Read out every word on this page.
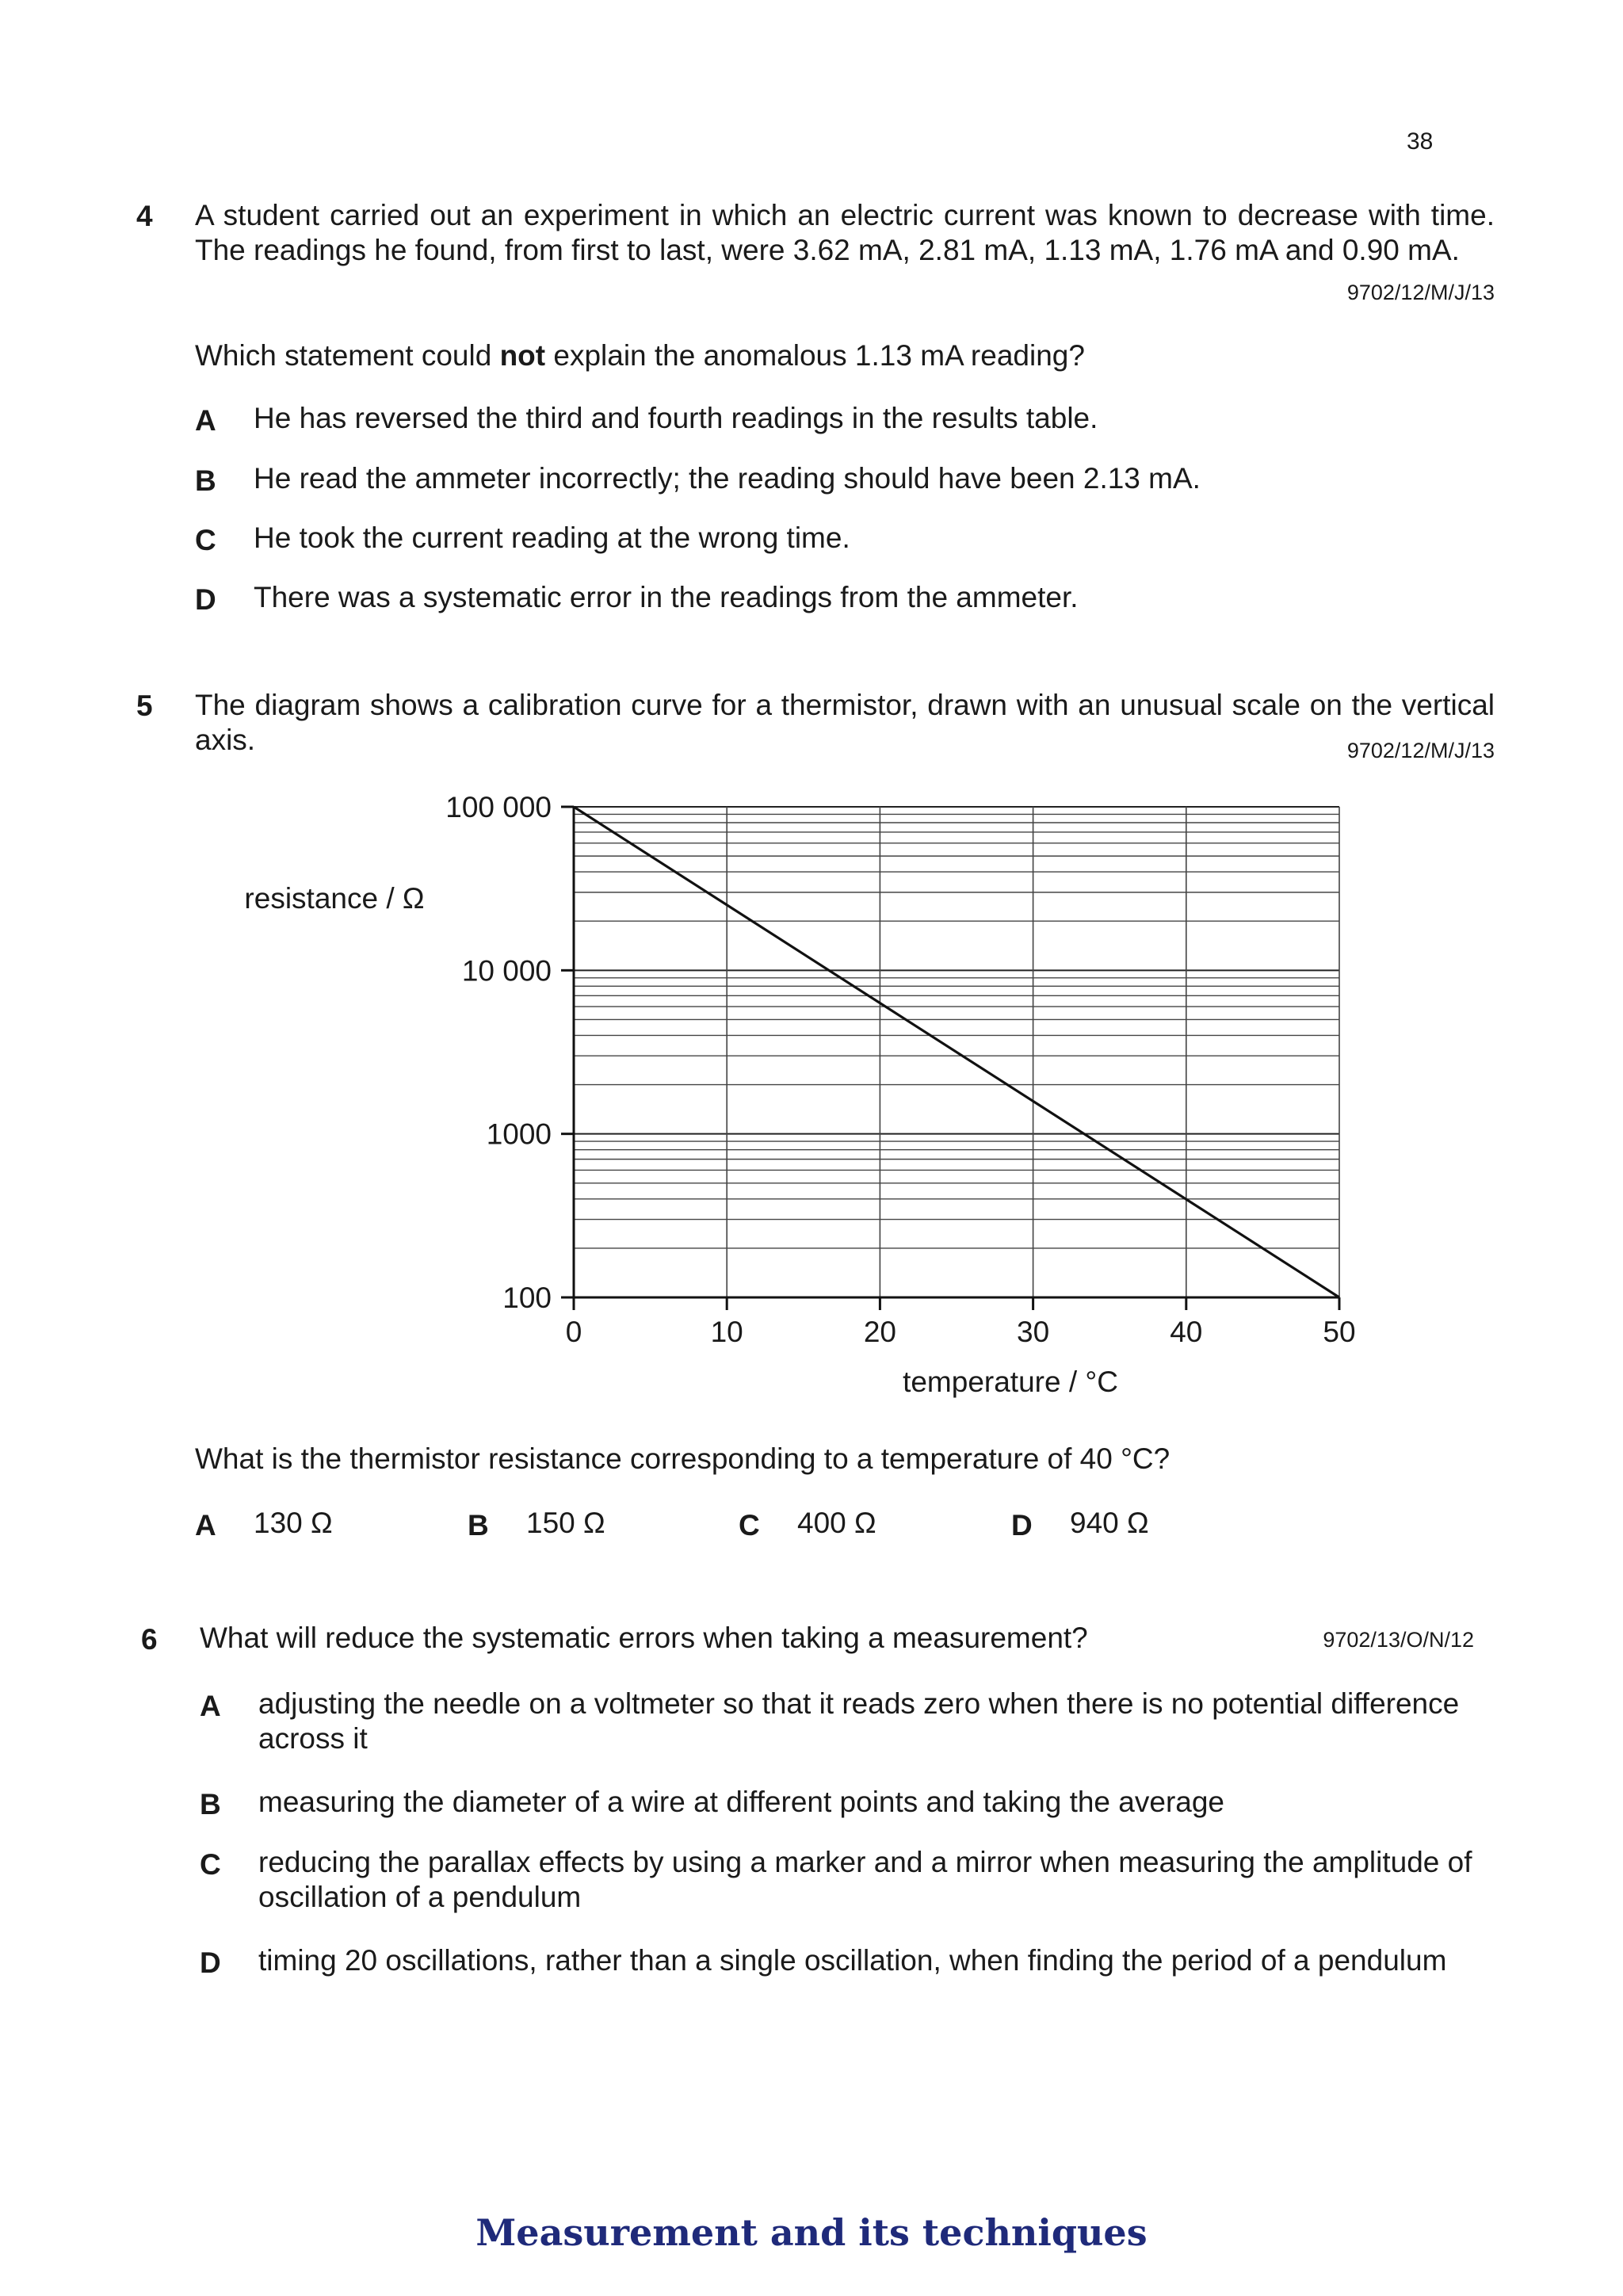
38
4 A student carried out an experiment in which an electric current was known to decrease with time. The readings he found, from first to last, were 3.62 mA, 2.81 mA, 1.13 mA, 1.76 mA and 0.90 mA.
9702/12/M/J/13
Which statement could not explain the anomalous 1.13 mA reading?
A He has reversed the third and fourth readings in the results table.
B He read the ammeter incorrectly; the reading should have been 2.13 mA.
C He took the current reading at the wrong time.
D There was a systematic error in the readings from the ammeter.
5 The diagram shows a calibration curve for a thermistor, drawn with an unusual scale on the vertical axis.	9702/12/M/J/13
100
1000
10 000
100 000
0	10	20	30	40	50
temperature / °C
resistance / Ω
What is the thermistor resistance corresponding to a temperature of 40 °C?
A 130 Ω	B 150 Ω	C 400 Ω	D 940 Ω
6 What will reduce the systematic errors when taking a measurement?	9702/13/O/N/12
A adjusting the needle on a voltmeter so that it reads zero when there is no potential difference across it
B measuring the diameter of a wire at different points and taking the average
C reducing the parallax effects by using a marker and a mirror when measuring the amplitude of oscillation of a pendulum
D timing 20 oscillations, rather than a single oscillation, when finding the period of a pendulum
Measurement and its techniques
